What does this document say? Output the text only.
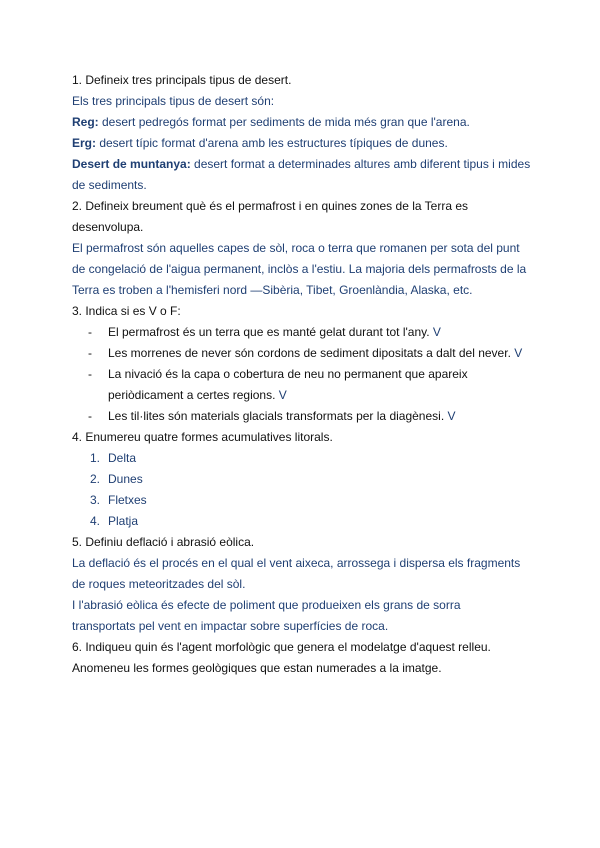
1. Defineix tres principals tipus de desert.
Els tres principals tipus de desert són:
Reg: desert pedregós format per sediments de mida més gran que l'arena.
Erg: desert típic format d'arena amb les estructures típiques de dunes.
Desert de muntanya: desert format a determinades altures amb diferent tipus i mides de sediments.
2. Defineix breument què és el permafrost i en quines zones de la Terra es desenvolupa.
El permafrost són aquelles capes de sòl, roca o terra que romanen per sota del punt de congelació de l'aigua permanent, inclòs a l'estiu. La majoria dels permafrosts de la Terra es troben a l'hemisferi nord —Sibèria, Tibet, Groenlàndia, Alaska, etc.
3. Indica si es V o F:
- El permafrost és un terra que es manté gelat durant tot l'any. V
- Les morrenes de never són cordons de sediment dipositats a dalt del never. V
- La nivació és la capa o cobertura de neu no permanent que apareix periòdicament a certes regions. V
- Les til·lites són materials glacials transformats per la diagènesi. V
4. Enumereu quatre formes acumulatives litorals.
1. Delta
2. Dunes
3. Fletxes
4. Platja
5. Definiu deflació i abrasió eòlica.
La deflació és el procés en el qual el vent aixeca, arrossega i dispersa els fragments de roques meteoritzades del sòl.
I l'abrasió eòlica és efecte de poliment que produeixen els grans de sorra transportats pel vent en impactar sobre superfícies de roca.
6. Indiqueu quin és l'agent morfològic que genera el modelatge d'aquest relleu. Anomeneu les formes geològiques que estan numerades a la imatge.
